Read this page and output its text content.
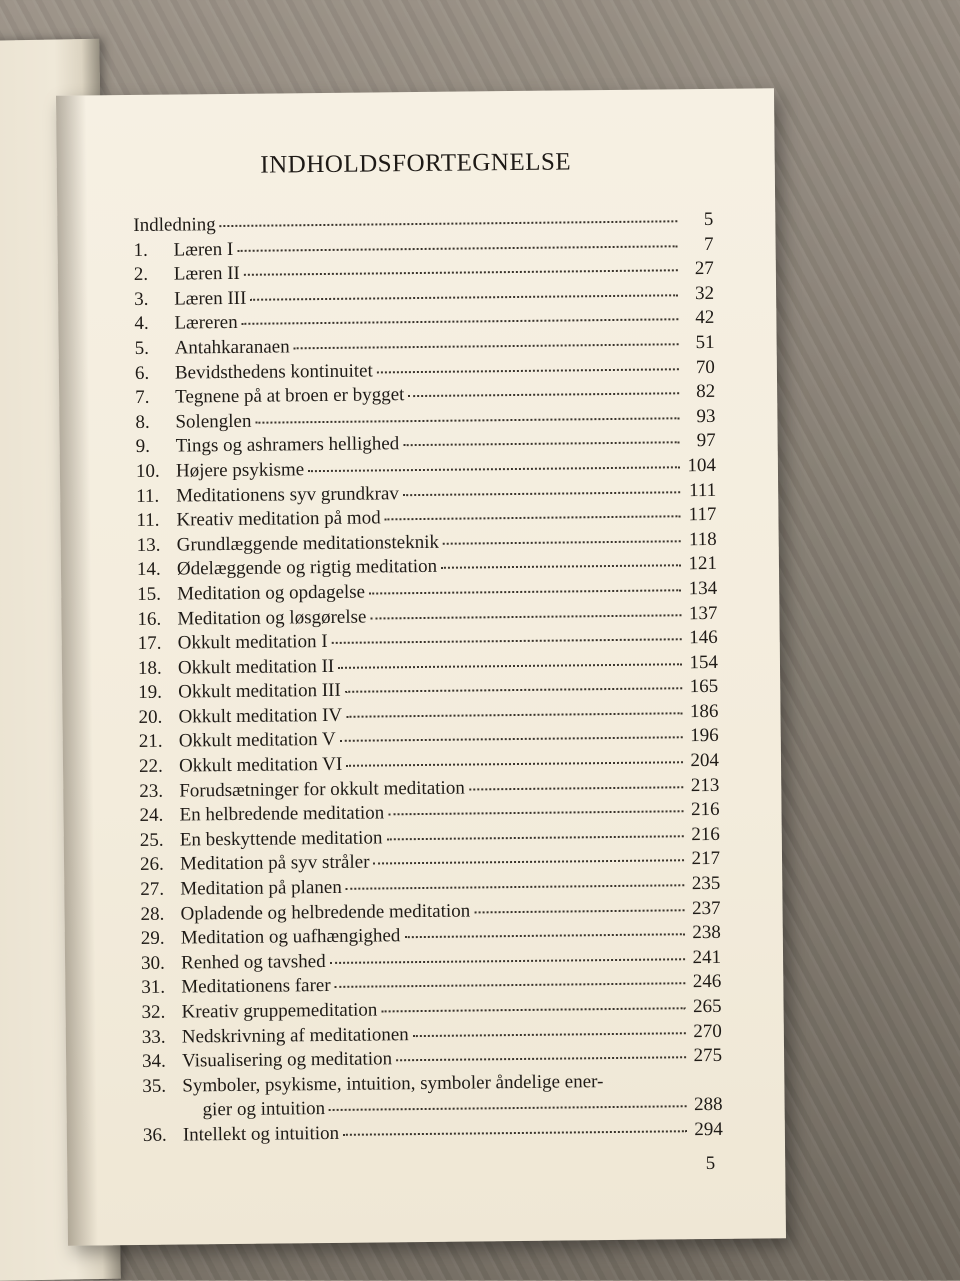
INDHOLDSFORTEGNELSE
Indledning	5
1.	Læren I	7
2.	Læren II	27
3.	Læren III	32
4.	Læreren	42
5.	Antahkaranaen	51
6.	Bevidsthedens kontinuitet	70
7.	Tegnene på at broen er bygget	82
8.	Solenglen	93
9.	Tings og ashramers hellighed	97
10. Højere psykisme	104
11. Meditationens syv grundkrav	111
11. Kreativ meditation på mod	117
13. Grundlæggende meditationsteknik	118
14. Ødelæggende og rigtig meditation	121
15. Meditation og opdagelse	134
16. Meditation og løsgørelse	137
17. Okkult meditation I	146
18. Okkult meditation II	154
19. Okkult meditation III	165
20. Okkult meditation IV	186
21. Okkult meditation V	196
22. Okkult meditation VI	204
23. Forudsætninger for okkult meditation	213
24. En helbredende meditation	216
25. En beskyttende meditation	216
26. Meditation på syv stråler	217
27. Meditation på planen	235
28. Opladende og helbredende meditation	237
29. Meditation og uafhængighed	238
30. Renhed og tavshed	241
31. Meditationens farer	246
32. Kreativ gruppemeditation	265
33. Nedskrivning af meditationen	270
34. Visualisering og meditation	275
35. Symboler, psykisme, intuition, symboler åndelige ener-
gier og intuition	288
36. Intellekt og intuition	294
5
